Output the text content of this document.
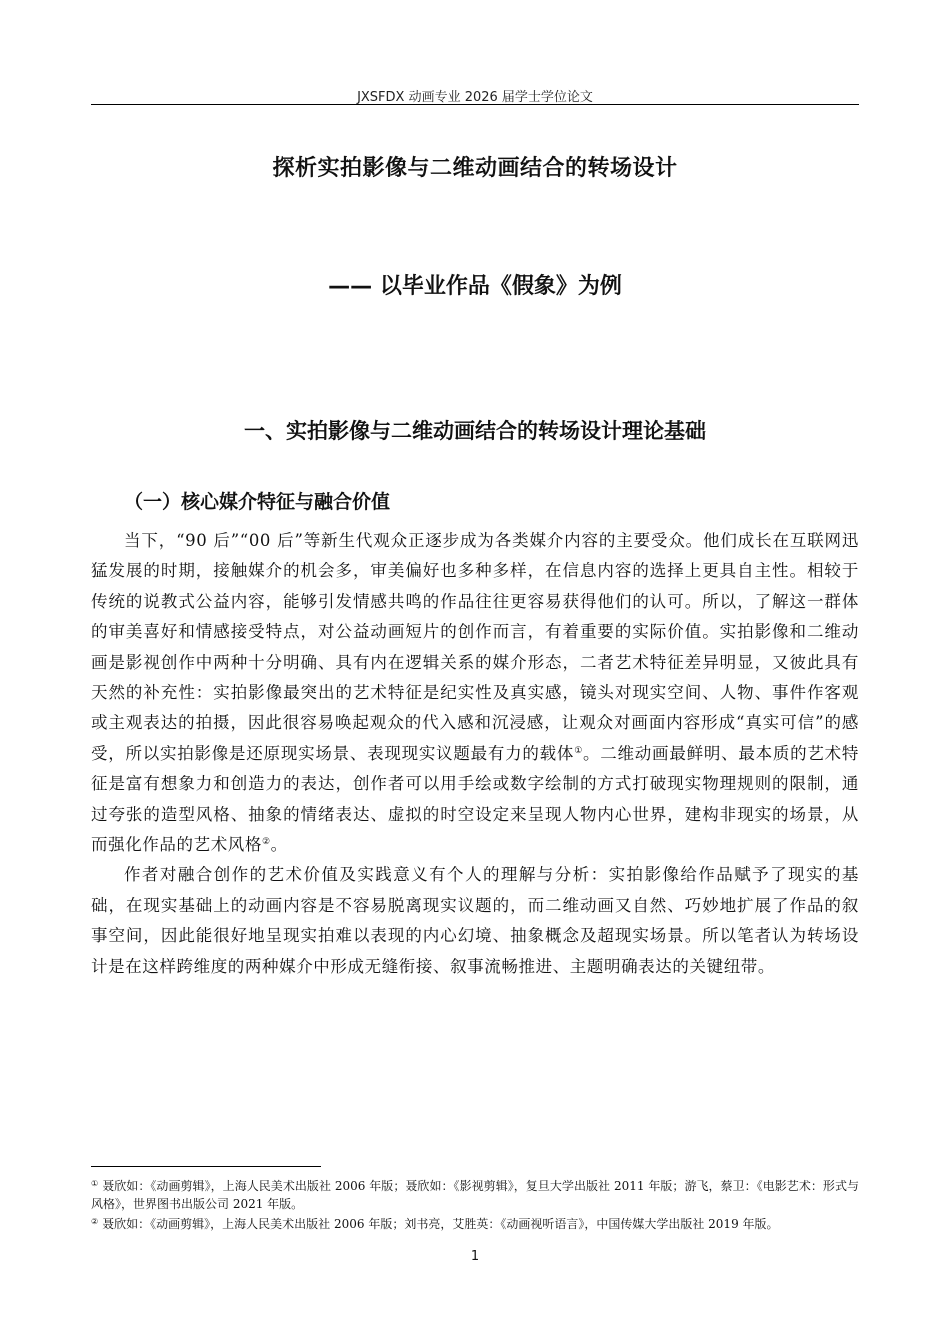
JXSFDX 动画专业 2026 届学士学位论文
探析实拍影像与二维动画结合的转场设计
—— 以毕业作品《假象》为例
一、实拍影像与二维动画结合的转场设计理论基础
（一）核心媒介特征与融合价值

当下，“90 后”“00 后”等新生代观众正逐步成为各类媒介内容的主要受众。他们成长在互联网迅猛发展的时期，接触媒介的机会多，审美偏好也多种多样，在信息内容的选择上更具自主性。相较于传统的说教式公益内容，能够引发情感共鸣的作品往往更容易获得他们的认可。所以，了解这一群体的审美喜好和情感接受特点，对公益动画短片的创作而言，有着重要的实际价值。实拍影像和二维动画是影视创作中两种十分明确、具有内在逻辑关系的媒介形态，二者艺术特征差异明显，又彼此具有天然的补充性：实拍影像最突出的艺术特征是纪实性及真实感，镜头对现实空间、人物、事件作客观或主观表达的拍摄，因此很容易唤起观众的代入感和沉浸感，让观众对画面内容形成“真实可信”的感受，所以实拍影像是还原现实场景、表现现实议题最有力的载体①。二维动画最鲜明、最本质的艺术特征是富有想象力和创造力的表达，创作者可以用手绘或数字绘制的方式打破现实物理规则的限制，通过夸张的造型风格、抽象的情绪表达、虚拟的时空设定来呈现人物内心世界，建构非现实的场景，从而强化作品的艺术风格②。

作者对融合创作的艺术价值及实践意义有个人的理解与分析：实拍影像给作品赋予了现实的基础，在现实基础上的动画内容是不容易脱离现实议题的，而二维动画又自然、巧妙地扩展了作品的叙事空间，因此能很好地呈现实拍难以表现的内心幻境、抽象概念及超现实场景。所以笔者认为转场设计是在这样跨维度的两种媒介中形成无缝衔接、叙事流畅推进、主题明确表达的关键纽带。

① 聂欣如：《动画剪辑》，上海人民美术出版社 2006 年版；聂欣如：《影视剪辑》，复旦大学出版社 2011 年版；游飞，蔡卫：《电影艺术：形式与风格》，世界图书出版公司 2021 年版。

② 聂欣如：《动画剪辑》，上海人民美术出版社 2006 年版；刘书亮，艾胜英：《动画视听语言》，中国传媒大学出版社 2019 年版。

1
